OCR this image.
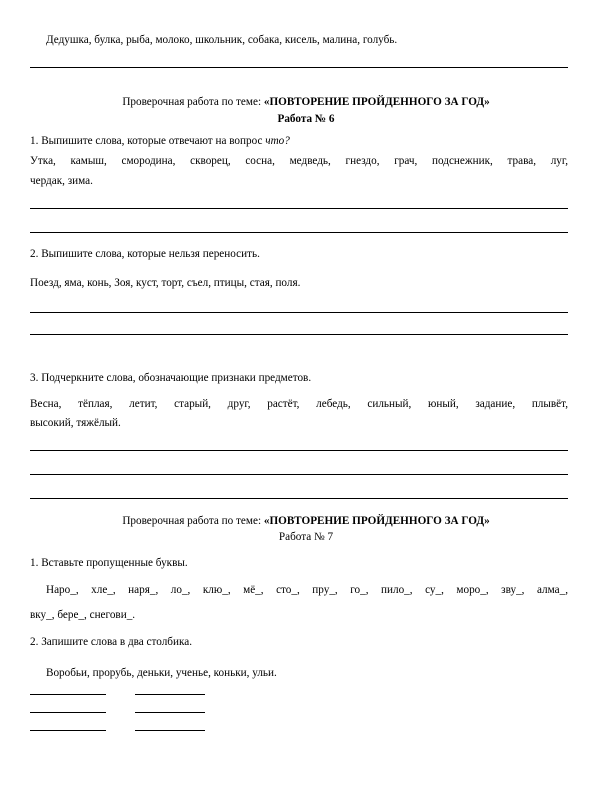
Дедушка, булка, рыба, молоко, школьник, собака, кисель, малина, голубь.
Проверочная работа по теме: «ПОВТОРЕНИЕ ПРОЙДЕННОГО ЗА ГОД»
Работа № 6
1. Выпишите слова, которые отвечают на вопрос что?
Утка, камыш, смородина, скворец, сосна, медведь, гнездо, грач, подснежник, трава, луг,
чердак, зима.
2. Выпишите слова, которые нельзя переносить.
Поезд, яма, конь, Зоя, куст, торт, съел, птицы, стая, поля.
3. Подчеркните слова, обозначающие признаки предметов.
Весна, тёплая, летит, старый, друг, растёт, лебедь, сильный, юный, задание, плывёт,
высокий, тяжёлый.
Проверочная работа по теме: «ПОВТОРЕНИЕ ПРОЙДЕННОГО ЗА ГОД»
Работа № 7
1. Вставьте пропущенные буквы.
Наро_, хле_, наря_, ло_, клю_, мё_, сто_, пру_, го_, пило_, су_, моро_, зву_, алма_,
вку_, бере_, снегови_.
2. Запишите слова в два столбика.
Воробьи, прорубь, деньки, ученье, коньки, ульи.
